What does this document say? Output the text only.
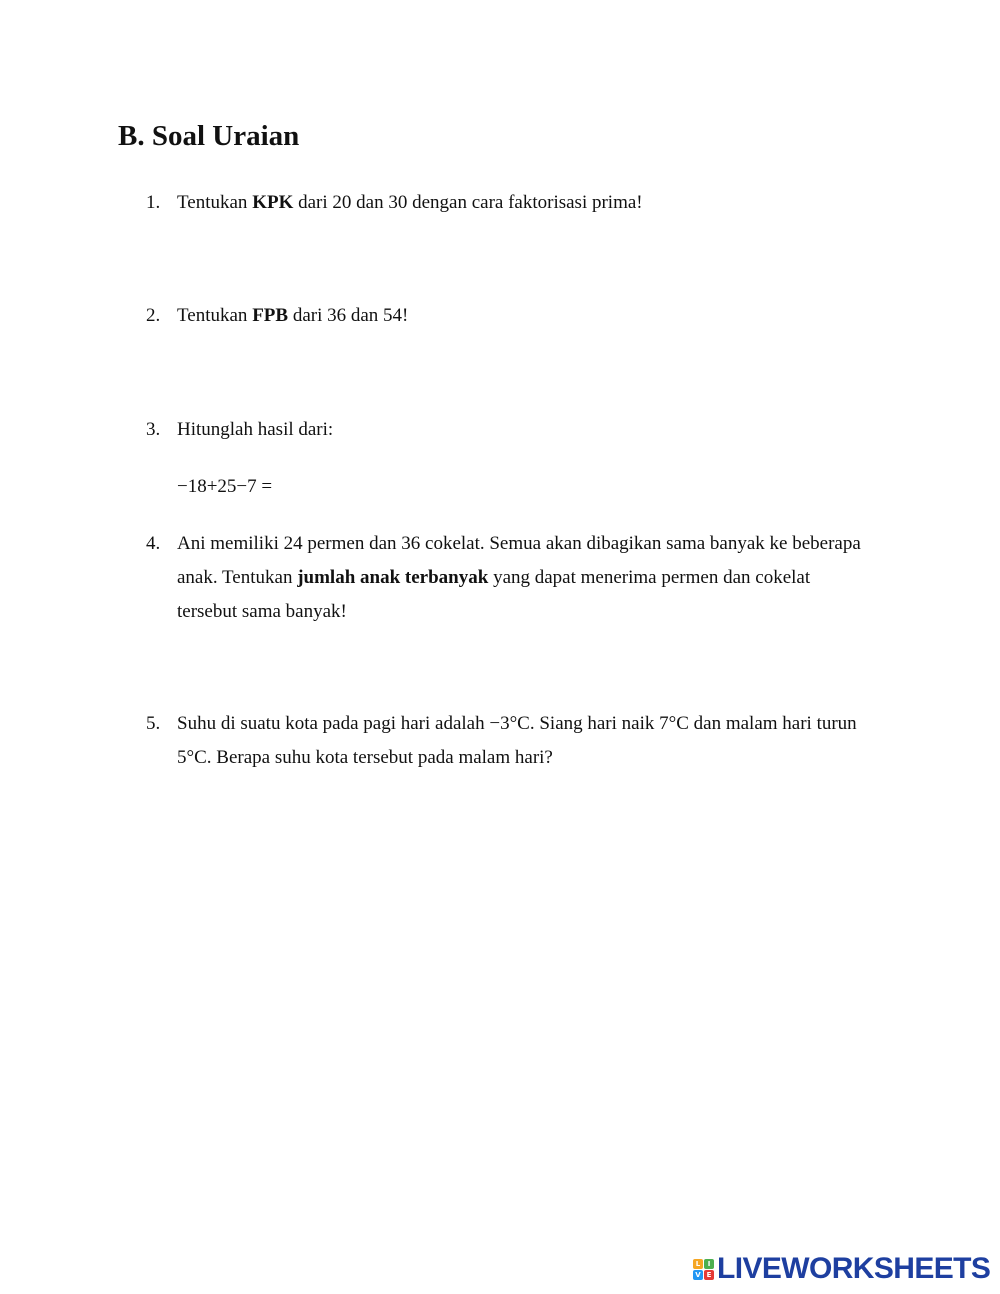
B. Soal Uraian
1. Tentukan KPK dari 20 dan 30 dengan cara faktorisasi prima!
2. Tentukan FPB dari 36 dan 54!
3. Hitunglah hasil dari:
−18+25−7 =
4. Ani memiliki 24 permen dan 36 cokelat. Semua akan dibagikan sama banyak ke beberapa
anak. Tentukan jumlah anak terbanyak yang dapat menerima permen dan cokelat
tersebut sama banyak!
5. Suhu di suatu kota pada pagi hari adalah −3°C. Siang hari naik 7°C dan malam hari turun
5°C. Berapa suhu kota tersebut pada malam hari?
L	I
V E LIVEWORKSHEETS
